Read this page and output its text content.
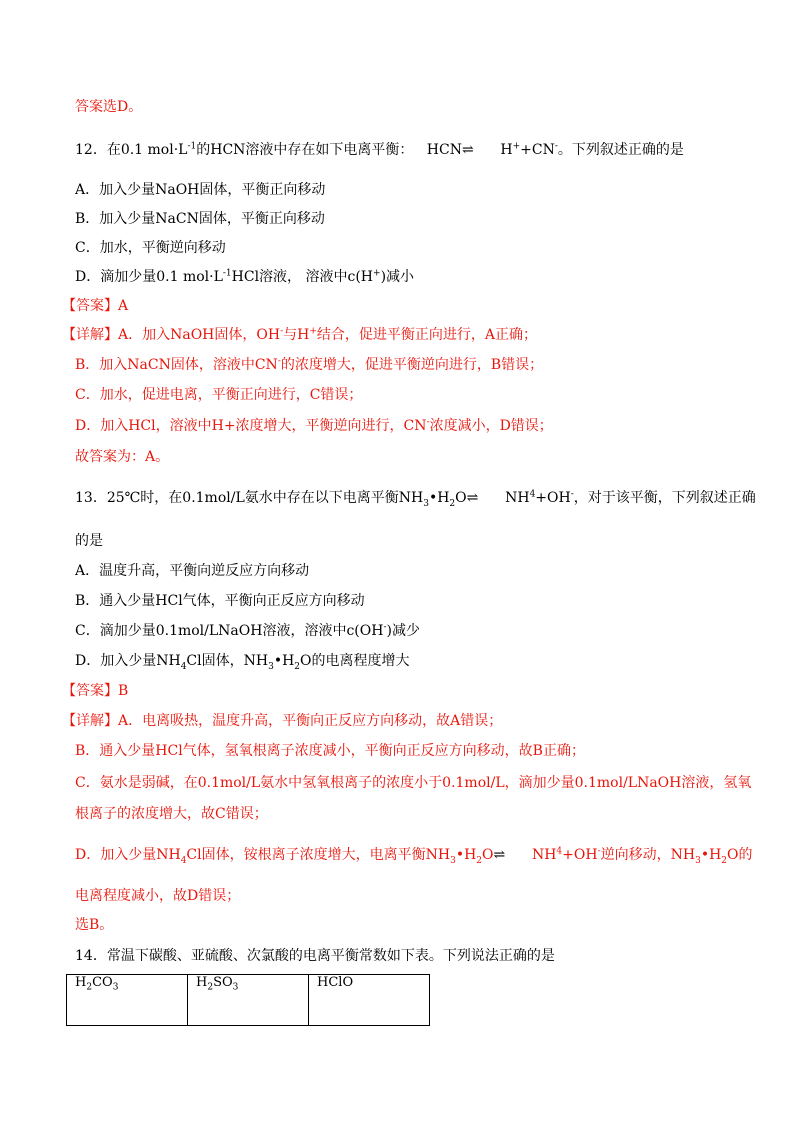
答案选D。
12．在0.1 $mol\cdot L^{-1}$的HCN溶液中存在如下电离平衡： HCN⇌ H++CN-。下列叙述正确的是
A．加入少量NaOH固体，平衡正向移动
B．加入少量NaCN固体，平衡正向移动
C．加水，平衡逆向移动
D．滴加少量0.1 $mol\cdot L^{-1}HCl$溶液， 溶液中c(H+)减小
【答案】A
【详解】A．加入NaOH固体，OH-与H+结合，促进平衡正向进行，A正确；
B．加入NaCN固体，溶液中CN-的浓度增大，促进平衡逆向进行，B错误；
C．加水，促进电离，平衡正向进行，C错误；
D．加入HCl，溶液中H+浓度增大，平衡逆向进行，CN-浓度减小，D错误；
故答案为：A。
13．25℃时，在0.1mol/L氨水中存在以下电离平衡$NH_3•H_2O\rightleftharpoons$ $NH^4+OH^-$，对于该平衡，下列叙述正确
的是
A．温度升高，平衡向逆反应方向移动
B．通入少量HCl气体，平衡向正反应方向移动
C．滴加少量0.1mol/LNaOH溶液，溶液中c(OH-)减少
D．加入少量$NH_4Cl$固体，$NH_3•H_2O$的电离程度增大
【答案】B
【详解】A．电离吸热，温度升高，平衡向正反应方向移动，故A错误；
B．通入少量HCl气体，氢氧根离子浓度减小，平衡向正反应方向移动，故B正确；
C．氨水是弱碱，在0.1mol/L氨水中氢氧根离子的浓度小于0.1mol/L，滴加少量0.1mol/LNaOH溶液，氢氧
根离子的浓度增大，故C错误；
D．加入少量$NH_4Cl$固体，铵根离子浓度增大，电离平衡$NH_3•H_2O\rightleftharpoons$ $NH^4+OH^-$逆向移动，$NH_3•H_2O$的
电离程度减小，故D错误；
选B。
14．常温下碳酸、亚硫酸、次氯酸的电离平衡常数如下表。下列说法正确的是
$H_2CO_3$	$H_2SO_3$	HClO
